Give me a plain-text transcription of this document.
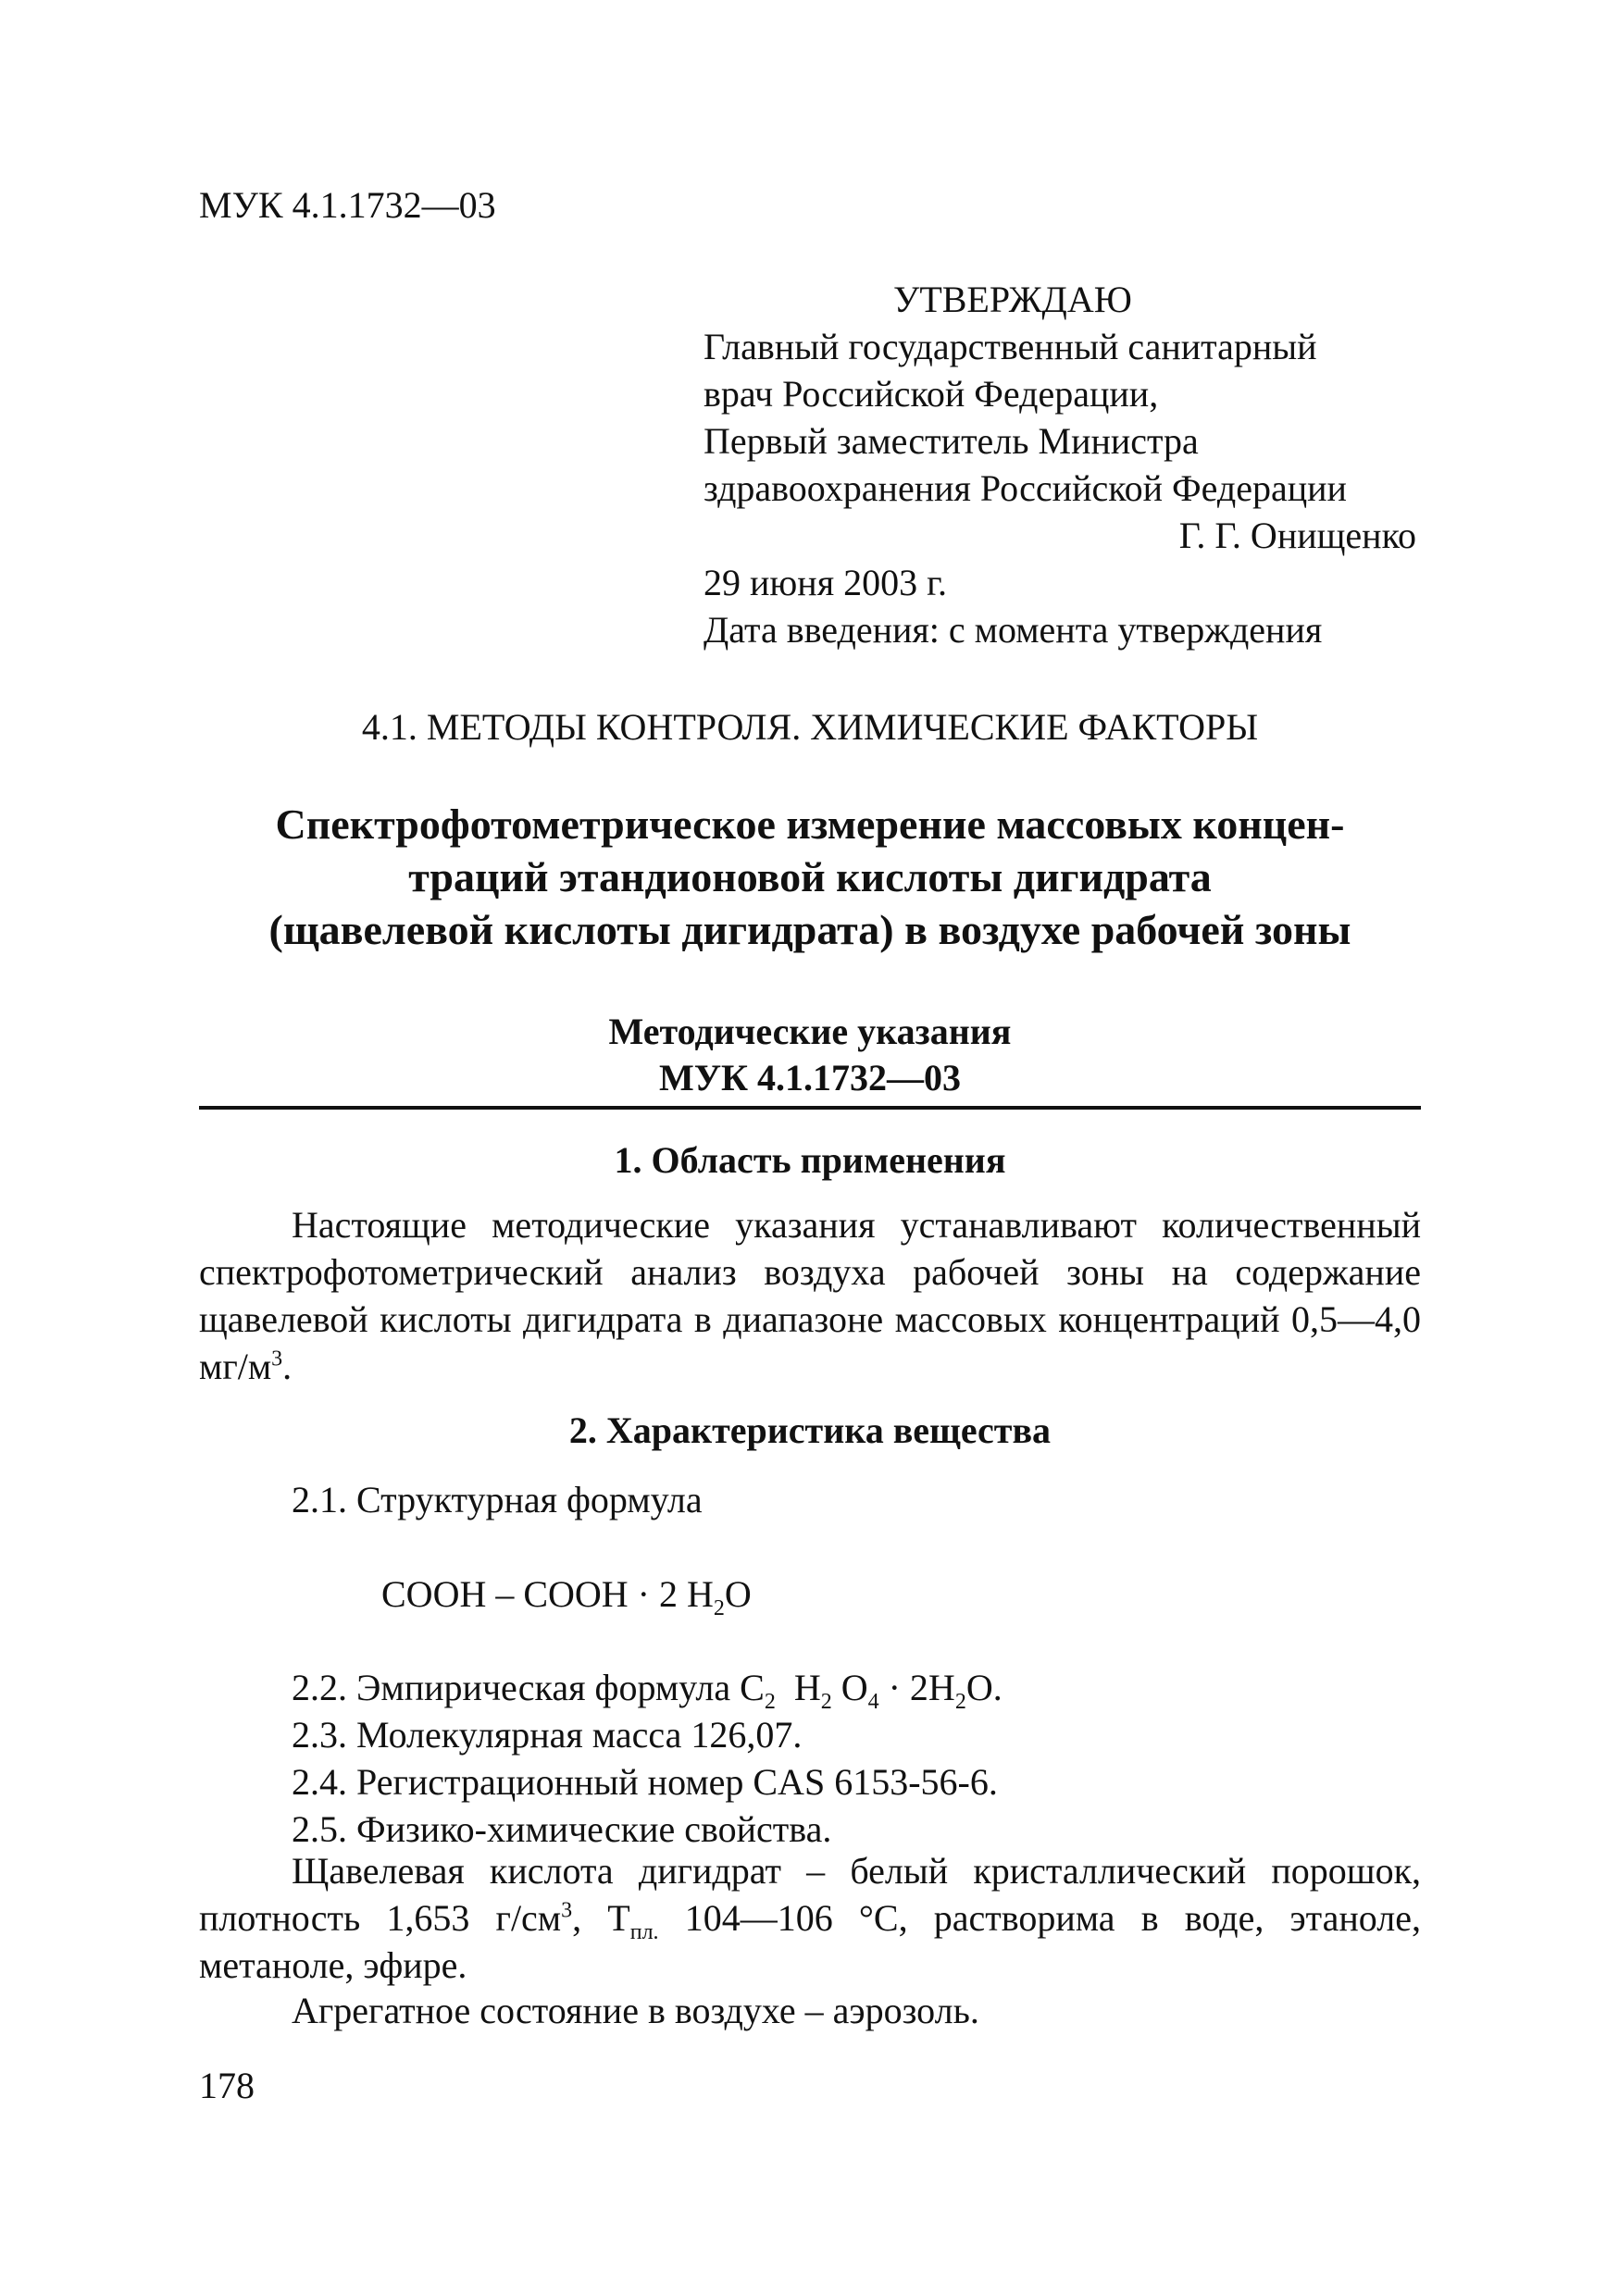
МУК 4.1.1732—03
УТВЕРЖДАЮ
Главный государственный санитарный
врач Российской Федерации,
Первый заместитель Министра
здравоохранения Российской Федерации
Г. Г. Онищенко
29 июня 2003 г.
Дата введения: с момента утверждения
4.1. МЕТОДЫ КОНТРОЛЯ. ХИМИЧЕСКИЕ ФАКТОРЫ
Спектрофотометрическое измерение массовых концен-
траций этандионовой кислоты дигидрата
(щавелевой кислоты дигидрата) в воздухе рабочей зоны
Методические указания
МУК 4.1.1732—03
1. Область применения

Настоящие методические указания устанавливают количественный спектрофотометрический анализ воздуха рабочей зоны на содержание щавелевой кислоты дигидрата в диапазоне массовых концентраций 0,5—4,0 $мг/м^3$.

2. Характеристика вещества
2.1. Структурная формула
COOH – COOH · 2 $H_2O$
2.2. Эмпирическая формула $C_2$  $H_2$ $O_4 \cdot 2H_2O$.
2.3. Молекулярная масса 126,07.
2.4. Регистрационный номер CAS 6153-56-6.
2.5. Физико-химические свойства.

Щавелевая кислота дигидрат – белый кристаллический порошок, плотность 1,653 $г/см^3$, $Т_{пл.}$ 104—106 °С, растворима в воде, этаноле, метаноле, эфире.

Агрегатное состояние в воздухе – аэрозоль.

178
